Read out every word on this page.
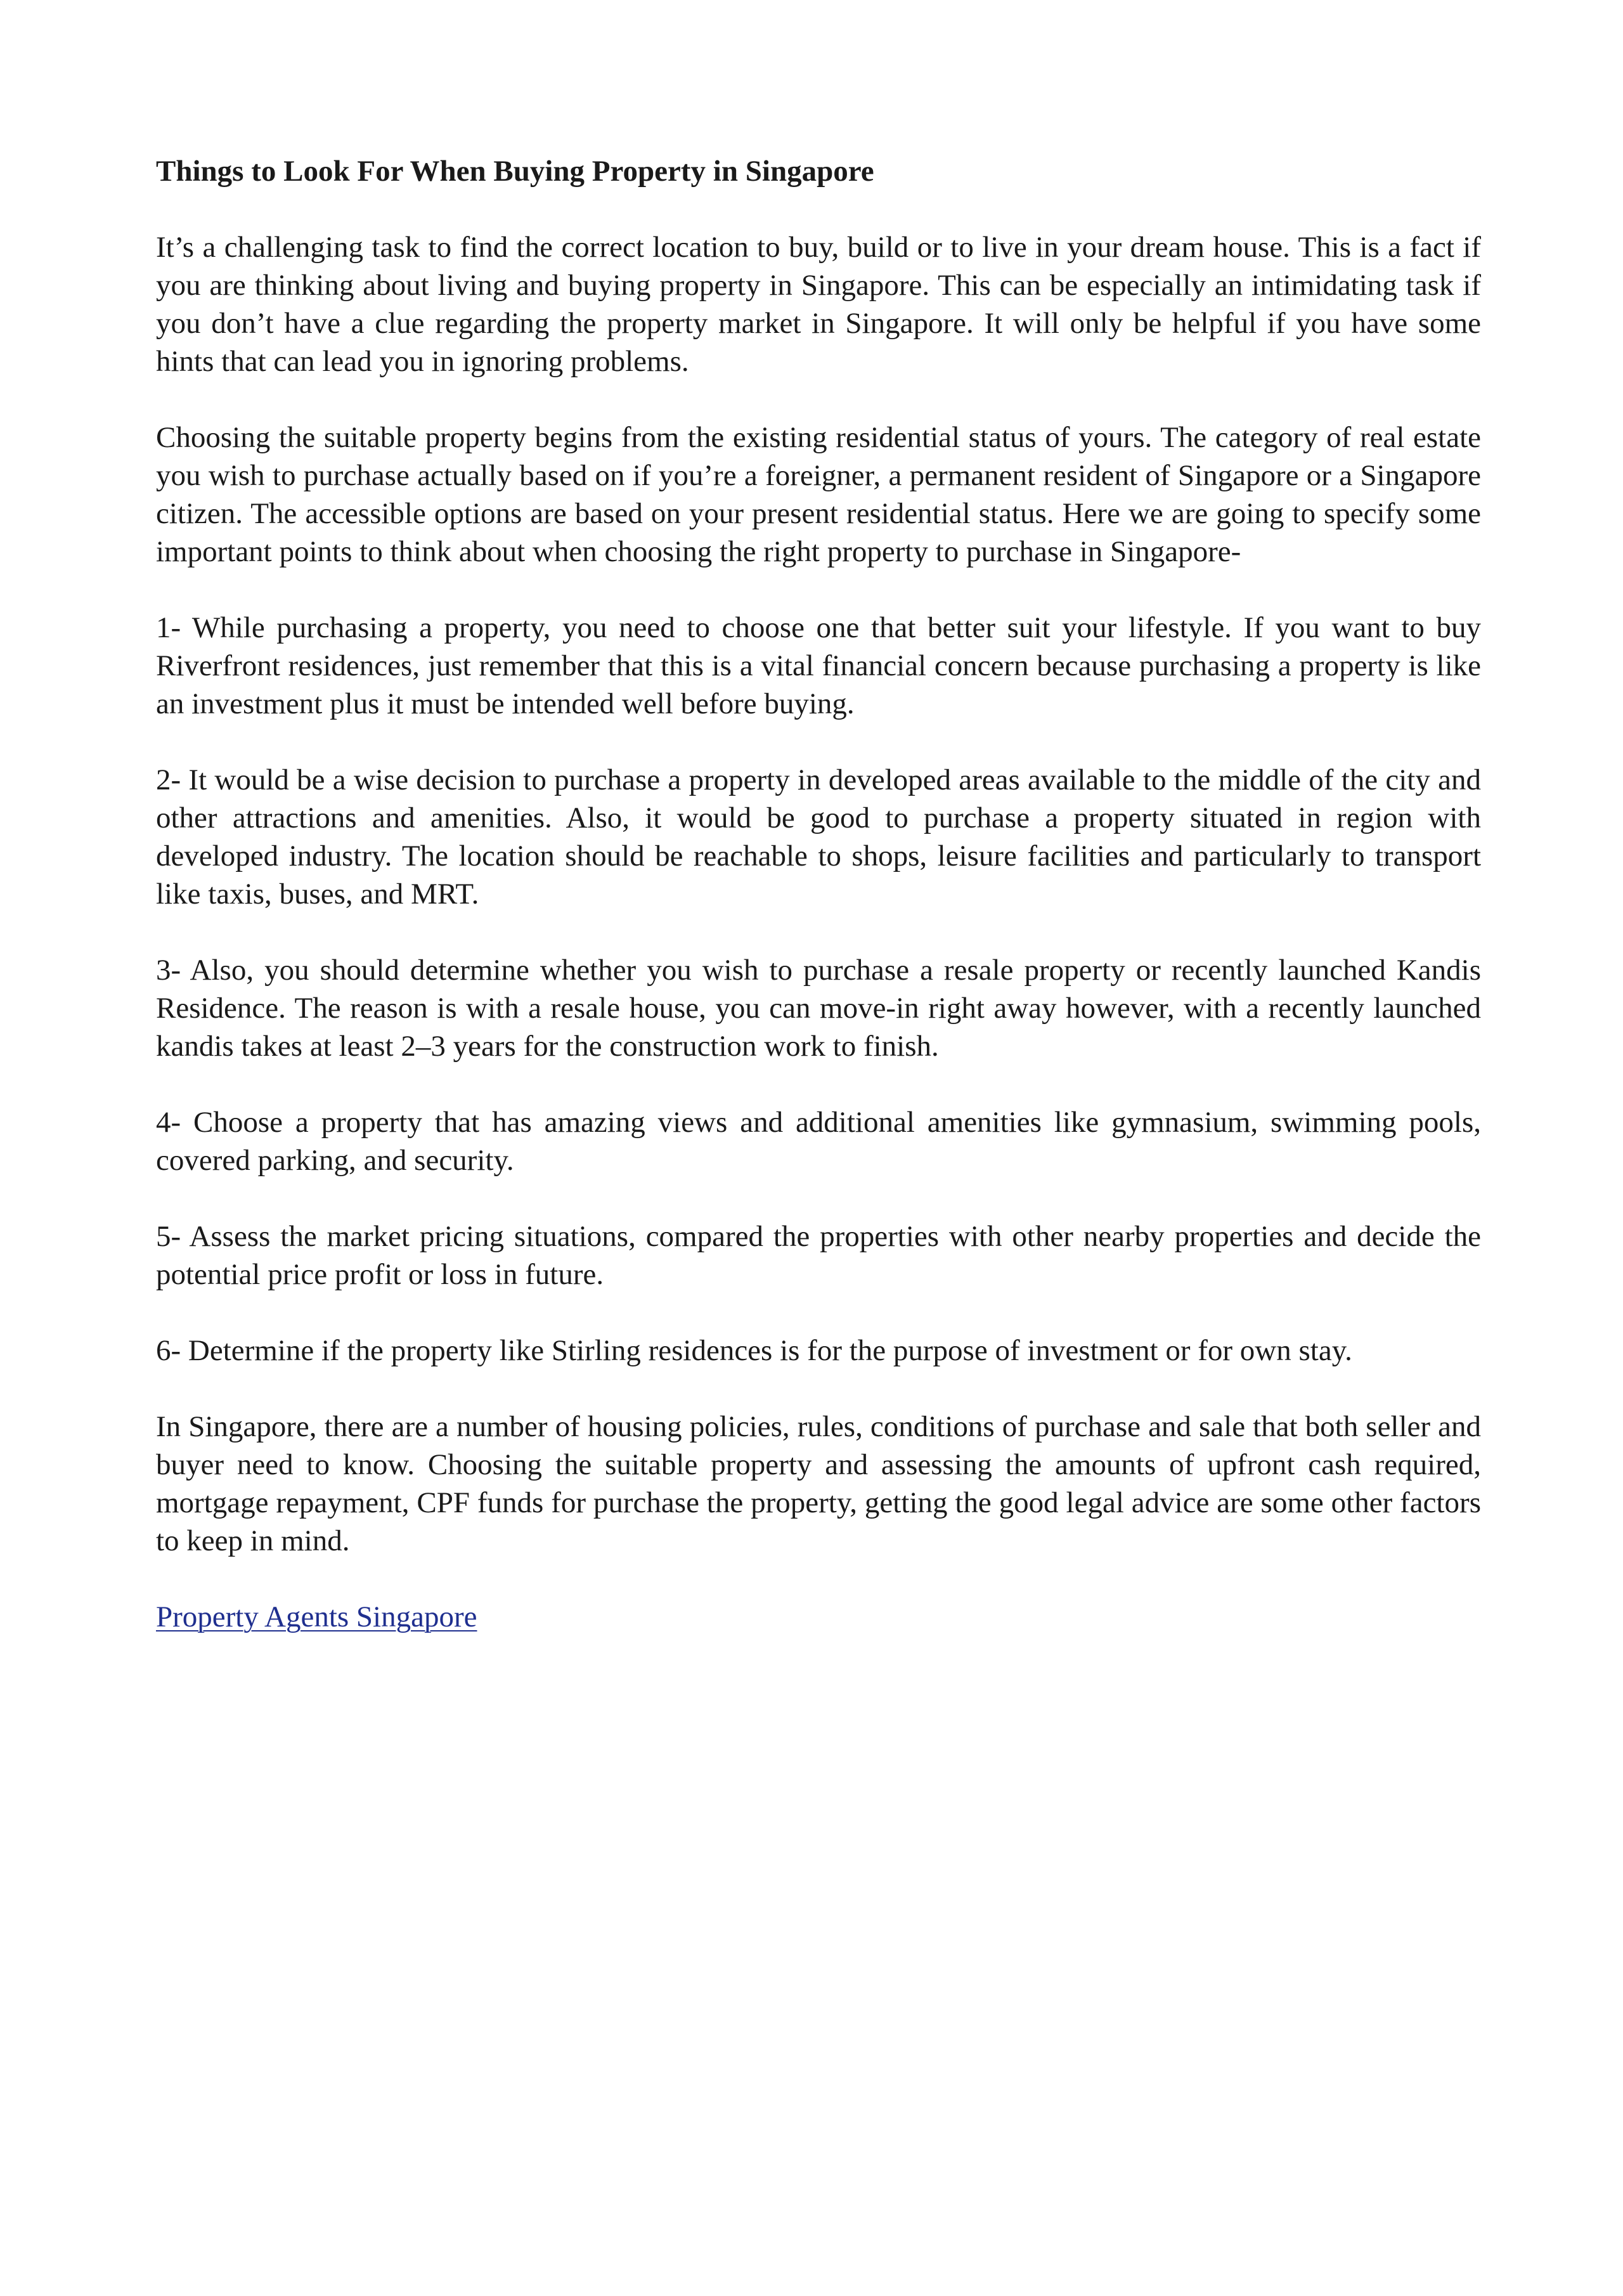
Things to Look For When Buying Property in Singapore

It’s a challenging task to find the correct location to buy, build or to live in your dream house. This is a fact if you are thinking about living and buying property in Singapore. This can be especially an intimidating task if you don’t have a clue regarding the property market in Singapore. It will only be helpful if you have some hints that can lead you in ignoring problems.

Choosing the suitable property begins from the existing residential status of yours. The category of real estate you wish to purchase actually based on if you’re a foreigner, a permanent resident of Singapore or a Singapore citizen. The accessible options are based on your present residential status. Here we are going to specify some important points to think about when choosing the right property to purchase in Singapore-

1- While purchasing a property, you need to choose one that better suit your lifestyle. If you want to buy Riverfront residences, just remember that this is a vital financial concern because purchasing a property is like an investment plus it must be intended well before buying.

2- It would be a wise decision to purchase a property in developed areas available to the middle of the city and other attractions and amenities. Also, it would be good to purchase a property situated in region with developed industry. The location should be reachable to shops, leisure facilities and particularly to transport like taxis, buses, and MRT.

3- Also, you should determine whether you wish to purchase a resale property or recently launched Kandis Residence. The reason is with a resale house, you can move-in right away however, with a recently launched kandis takes at least 2–3 years for the construction work to finish.

4- Choose a property that has amazing views and additional amenities like gymnasium, swimming pools, covered parking, and security.

5- Assess the market pricing situations, compared the properties with other nearby properties and decide the potential price profit or loss in future.

6- Determine if the property like Stirling residences is for the purpose of investment or for own stay.

In Singapore, there are a number of housing policies, rules, conditions of purchase and sale that both seller and buyer need to know. Choosing the suitable property and assessing the amounts of upfront cash required, mortgage repayment, CPF funds for purchase the property, getting the good legal advice are some other factors to keep in mind.

Property Agents Singapore
